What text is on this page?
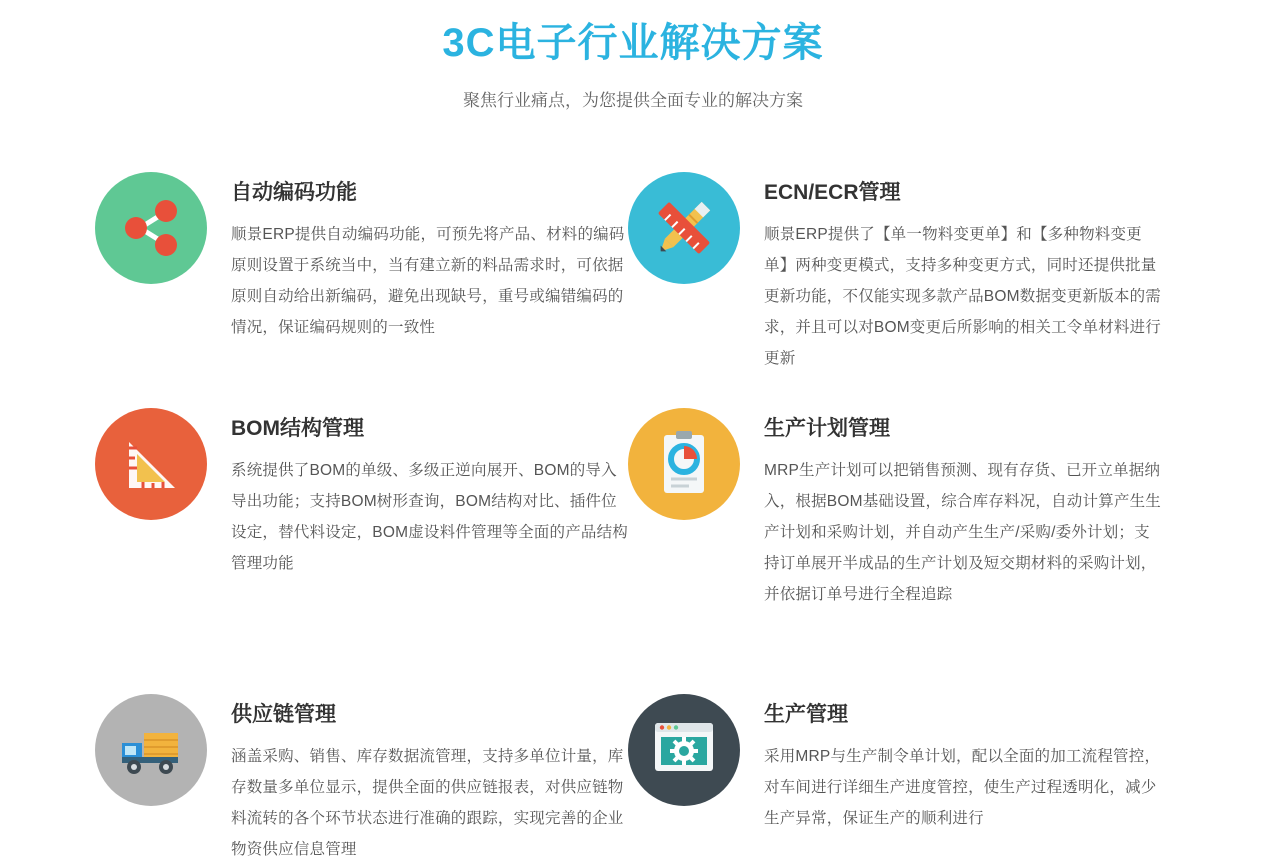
3C电子行业解决方案

聚焦行业痛点，为您提供全面专业的解决方案

自动编码功能

顺景ERP提供自动编码功能，可预先将产品、材料的编码原则设置于系统当中，当有建立新的料品需求时，可依据原则自动给出新编码，避免出现缺号，重号或编错编码的情况，保证编码规则的一致性

ECN/ECR管理

顺景ERP提供了【单一物料变更单】和【多种物料变更单】两种变更模式，支持多种变更方式，同时还提供批量更新功能，不仅能实现多款产品BOM数据变更新版本的需求，并且可以对BOM变更后所影响的相关工令单材料进行更新

BOM结构管理

系统提供了BOM的单级、多级正逆向展开、BOM的导入导出功能；支持BOM树形查询，BOM结构对比、插件位设定，替代料设定，BOM虚设料件管理等全面的产品结构管理功能

生产计划管理

MRP生产计划可以把销售预测、现有存货、已开立单据纳入，根据BOM基础设置，综合库存料况，自动计算产生生产计划和采购计划，并自动产生生产/采购/委外计划；支持订单展开半成品的生产计划及短交期材料的采购计划，并依据订单号进行全程追踪

供应链管理

涵盖采购、销售、库存数据流管理，支持多单位计量，库存数量多单位显示，提供全面的供应链报表，对供应链物料流转的各个环节状态进行准确的跟踪，实现完善的企业物资供应信息管理

生产管理

采用MRP与生产制令单计划，配以全面的加工流程管控，对车间进行详细生产进度管控，使生产过程透明化，减少生产异常，保证生产的顺利进行
